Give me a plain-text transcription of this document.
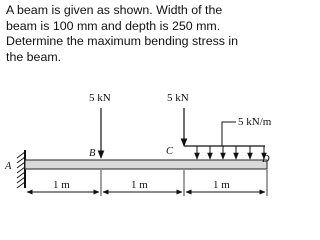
A beam is given as shown. Width of the
beam is 100 mm and depth is 250 mm.
Determine the maximum bending stress in
the beam.
5 kN	5 kN
5 kN/m
A
B	C
D
1 m	1 m	1 m
